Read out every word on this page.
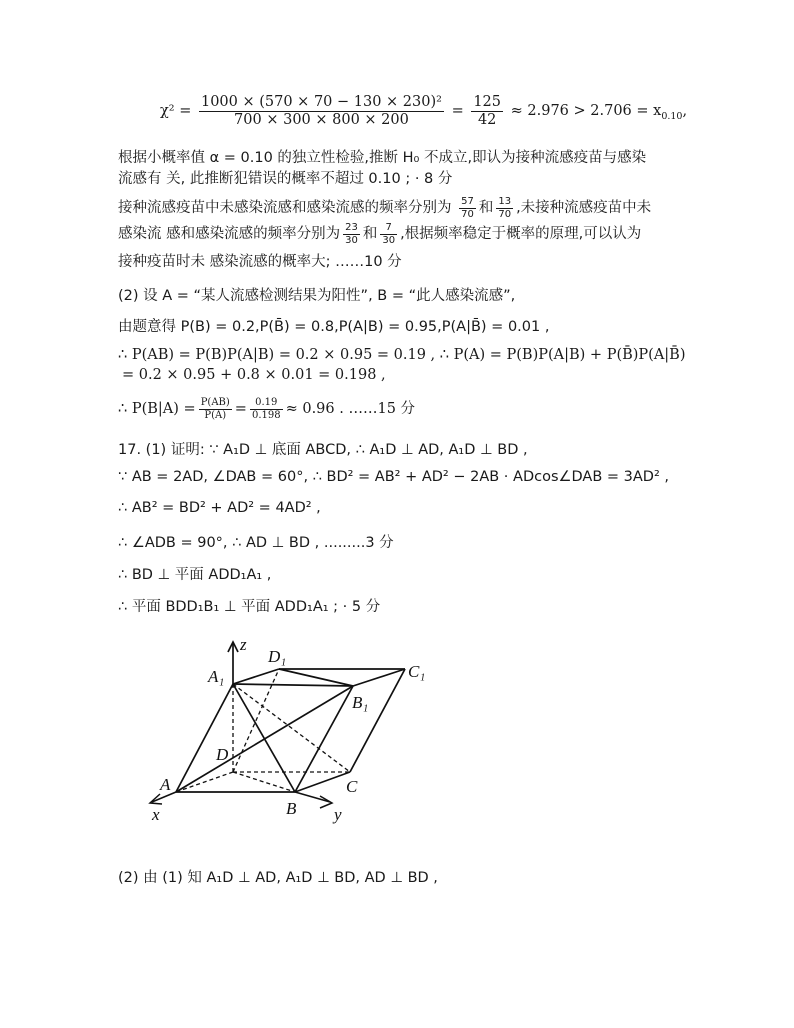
$\chi^2 = \frac{\text{1000 × (570 × 70 − 130 × 230)²}}{700 \times 300 \times 800 \times 200} = \frac{125}{42} \approx 2.976 > 2.706 = x_{0.10}$,
根据小概率值 α = 0.10 的独立性检验,推断 H₀ 不成立,即认为接种流感疫苗与感染
流感有 关, 此推断犯错误的概率不超过 0.10 ; · 8 分
接种流感疫苗中未感染流感和感染流感的频率分别为 $\frac{57}{70}$ 和 $\frac{13}{70}$ ,未接种流感疫苗中未
感染流 感和感染流感的频率分别为 $\frac{23}{30}$ 和 $\frac{7}{30}$ ,根据频率稳定于概率的原理,可以认为
接种疫苗时未 感染流感的概率大; ……10 分
(2) 设 A = “某人流感检测结果为阳性”, B = “此人感染流感”,
由题意得 P(B) = 0.2,P(B̄) = 0.8,P(A|B) = 0.95,P(A|B̄) = 0.01 ,
∴ P(AB) = P(B)P(A|B) = 0.2 × 0.95 = 0.19 , ∴ P(A) = P(B)P(A|B) + P(B̄)P(A|B̄)
= 0.2 × 0.95 + 0.8 × 0.01 = 0.198 ,
∴ $P(B|A) = \frac{P(AB)}{P(A)} = \frac{0.19}{0.198} \approx 0.96$ . ……15 分
17. (1) 证明: ∵ A₁D ⊥ 底面 ABCD, ∴ A₁D ⊥ AD, A₁D ⊥ BD ,
∵ AB = 2AD, ∠DAB = 60°, ∴ BD² = AB² + AD² − 2AB · ADcos∠DAB = 3AD² ,
∴ AB² = BD² + AD² = 4AD² ,
∴ ∠ADB = 90°, ∴ AD ⊥ BD , .........3 分
∴ BD ⊥ 平面 ADD₁A₁ ,
∴ 平面 BDD₁B₁ ⊥ 平面 ADD₁A₁ ; · 5 分
z
D₁
C₁
A₁
B₁
D
A	C
B
x	y
(2) 由 (1) 知 A₁D ⊥ AD, A₁D ⊥ BD, AD ⊥ BD ,
